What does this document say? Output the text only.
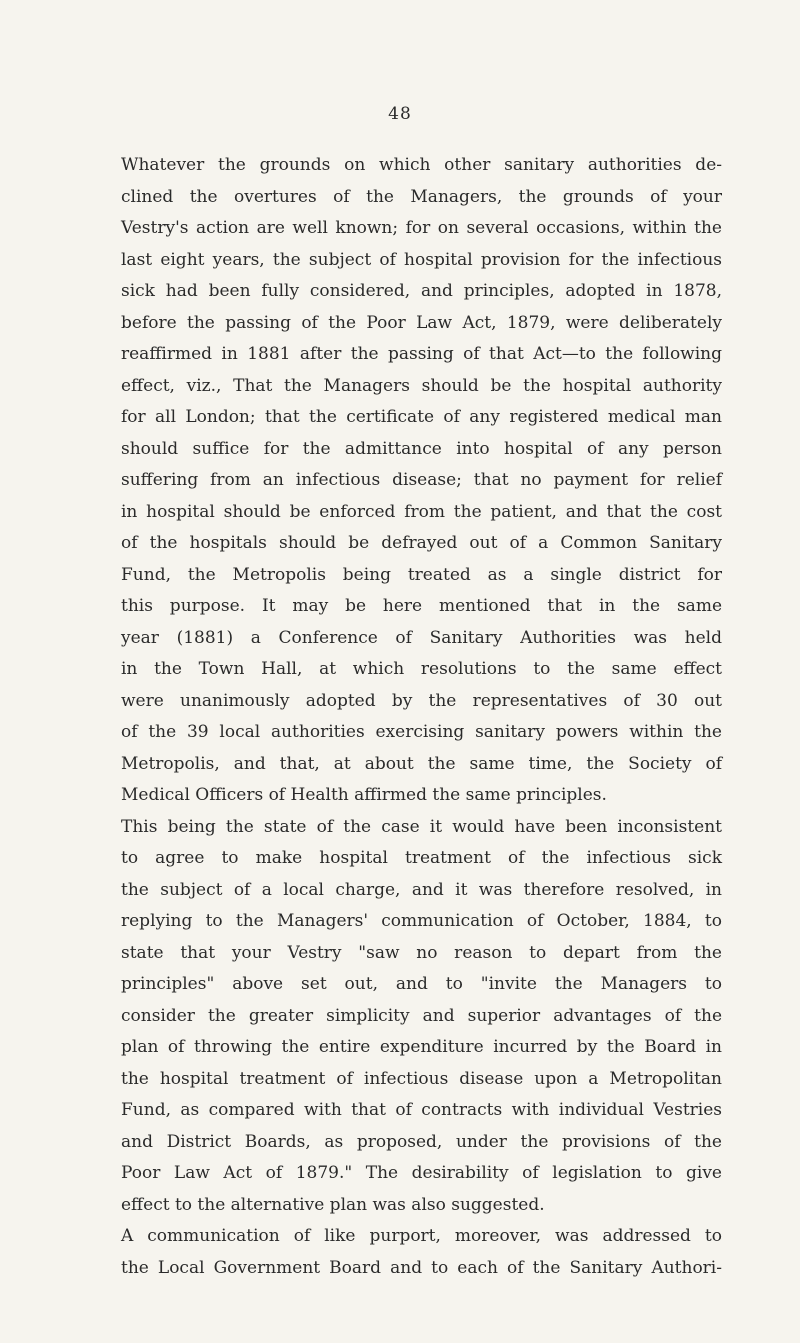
48

Whatever the grounds on which other sanitary authorities de-
clined the overtures of the Managers, the grounds of your
Vestry's action are well known; for on several occasions, within the
last eight years, the subject of hospital provision for the infectious
sick had been fully considered, and principles, adopted in 1878,
before the passing of the Poor Law Act, 1879, were deliberately
reaffirmed in 1881 after the passing of that Act—to the following
effect, viz., That the Managers should be the hospital authority
for all London; that the certificate of any registered medical man
should suffice for the admittance into hospital of any person
suffering from an infectious disease; that no payment for relief
in hospital should be enforced from the patient, and that the cost
of the hospitals should be defrayed out of a Common Sanitary
Fund, the Metropolis being treated as a single district for
this purpose. It may be here mentioned that in the same
year (1881) a Conference of Sanitary Authorities was held
in the Town Hall, at which resolutions to the same effect
were unanimously adopted by the representatives of 30 out
of the 39 local authorities exercising sanitary powers within the
Metropolis, and that, at about the same time, the Society of
Medical Officers of Health affirmed the same principles.

This being the state of the case it would have been inconsistent
to agree to make hospital treatment of the infectious sick
the subject of a local charge, and it was therefore resolved, in
replying to the Managers' communication of October, 1884, to
state that your Vestry "saw no reason to depart from the
principles" above set out, and to "invite the Managers to
consider the greater simplicity and superior advantages of the
plan of throwing the entire expenditure incurred by the Board in
the hospital treatment of infectious disease upon a Metropolitan
Fund, as compared with that of contracts with individual Vestries
and District Boards, as proposed, under the provisions of the
Poor Law Act of 1879." The desirability of legislation to give
effect to the alternative plan was also suggested.

A communication of like purport, moreover, was addressed to
the Local Government Board and to each of the Sanitary Authori-
